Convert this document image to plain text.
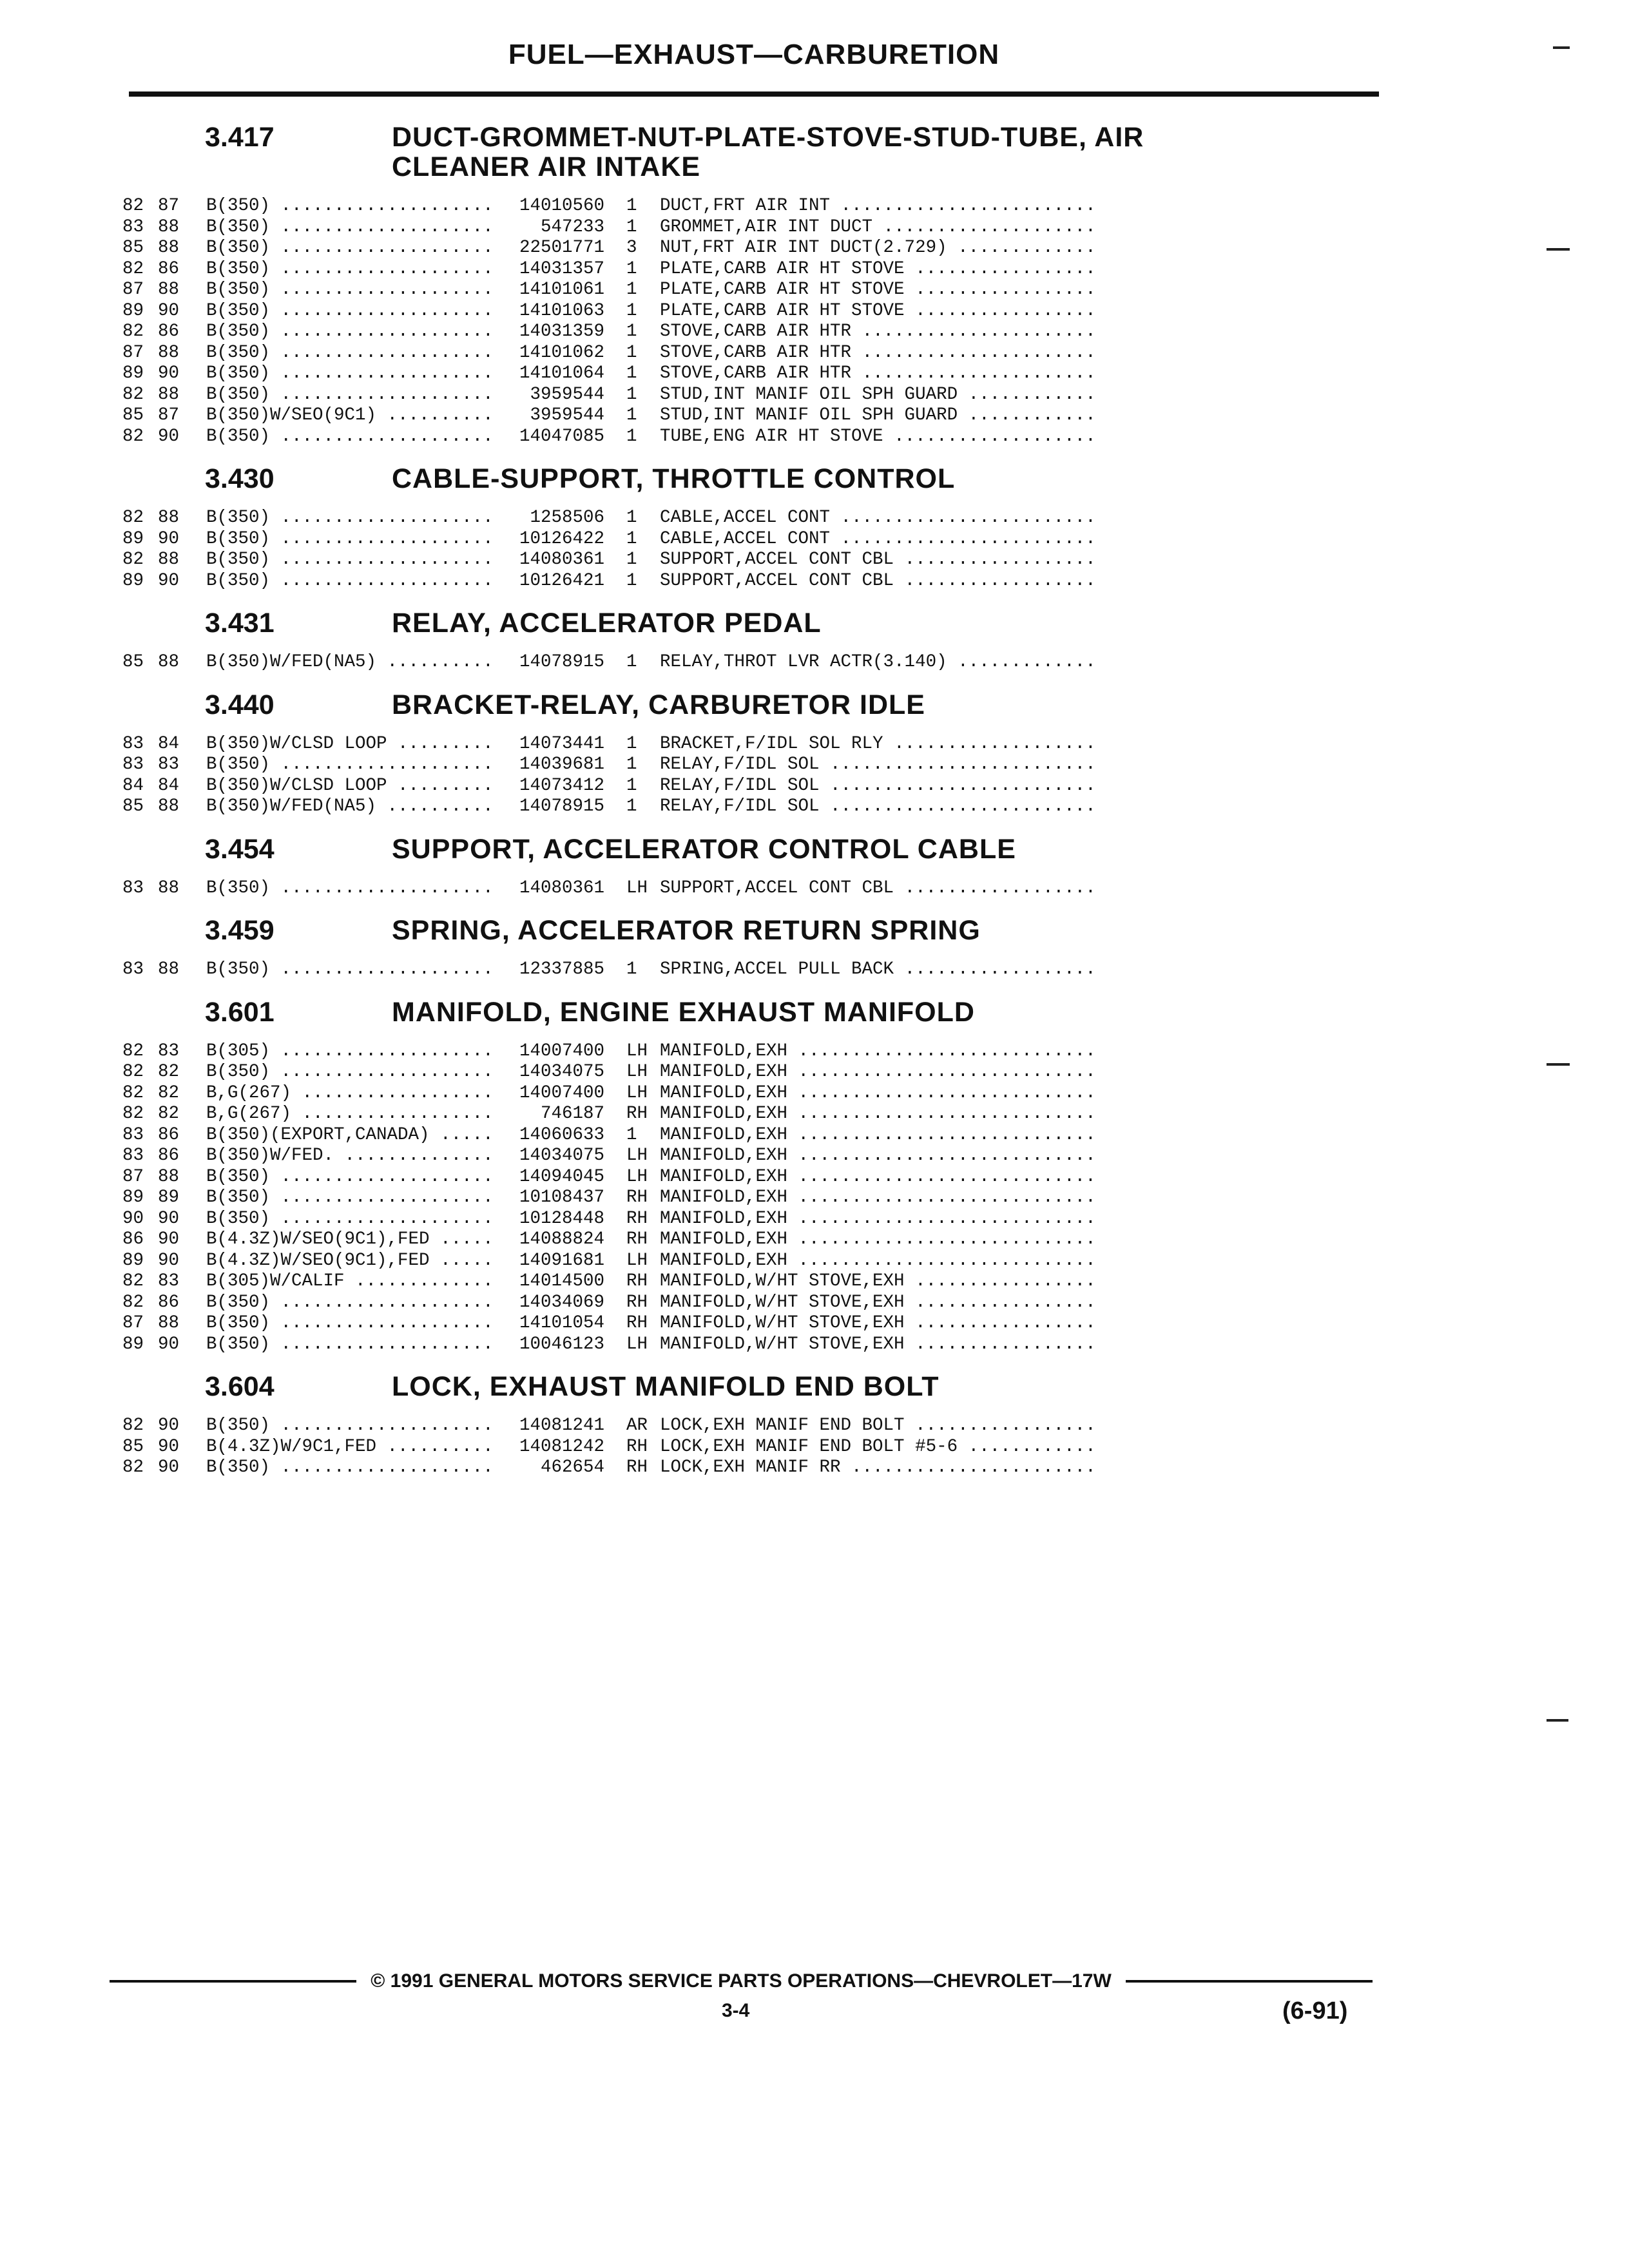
FUEL—EXHAUST—CARBURETION
3.417	DUCT-GROMMET-NUT-PLATE-STOVE-STUD-TUBE, AIR CLEANER AIR INTAKE
82 87	B(350) .....	14010560	1	DUCT,FRT AIR INT .....
83 88	B(350) .....	547233	1	GROMMET,AIR INT DUCT .....
85 88	B(350) .....	22501771	3	NUT,FRT AIR INT DUCT(2.729) .....
82 86	B(350) .....	14031357	1	PLATE,CARB AIR HT STOVE .....
87 88	B(350) .....	14101061	1	PLATE,CARB AIR HT STOVE .....
89 90	B(350) .....	14101063	1	PLATE,CARB AIR HT STOVE .....
82 86	B(350) .....	14031359	1	STOVE,CARB AIR HTR .....
87 88	B(350) .....	14101062	1	STOVE,CARB AIR HTR .....
89 90	B(350) .....	14101064	1	STOVE,CARB AIR HTR .....
82 88	B(350) .....	3959544	1	STUD,INT MANIF OIL SPH GUARD .....
85 87	B(350)W/SEO(9C1) .....	3959544	1	STUD,INT MANIF OIL SPH GUARD .....
82 90	B(350) .....	14047085	1	TUBE,ENG AIR HT STOVE .....
3.430	CABLE-SUPPORT, THROTTLE CONTROL
82 88	B(350) .....	1258506	1	CABLE,ACCEL CONT .....
89 90	B(350) .....	10126422	1	CABLE,ACCEL CONT .....
82 88	B(350) .....	14080361	1	SUPPORT,ACCEL CONT CBL .....
89 90	B(350) .....	10126421	1	SUPPORT,ACCEL CONT CBL .....
3.431	RELAY, ACCELERATOR PEDAL
85 88	B(350)W/FED(NA5) .....	14078915	1	RELAY,THROT LVR ACTR(3.140) .....
3.440	BRACKET-RELAY, CARBURETOR IDLE
83 84	B(350)W/CLSD LOOP .....	14073441	1	BRACKET,F/IDL SOL RLY .....
83 83	B(350) .....	14039681	1	RELAY,F/IDL SOL .....
84 84	B(350)W/CLSD LOOP .....	14073412	1	RELAY,F/IDL SOL .....
85 88	B(350)W/FED(NA5) .....	14078915	1	RELAY,F/IDL SOL .....
3.454	SUPPORT, ACCELERATOR CONTROL CABLE
83 88	B(350) .....	14080361	LH SUPPORT,ACCEL CONT CBL .....
3.459	SPRING, ACCELERATOR RETURN SPRING
83 88	B(350) .....	12337885	1	SPRING,ACCEL PULL BACK .....
3.601	MANIFOLD, ENGINE EXHAUST MANIFOLD
82 83	B(305) .....	14007400	LH MANIFOLD,EXH .....
82 82	B(350) .....	14034075	LH MANIFOLD,EXH .....
82 82	B,G(267) .....	14007400	LH MANIFOLD,EXH .....
82 82	B,G(267) .....	746187	RH MANIFOLD,EXH .....
83 86	B(350)(EXPORT,CANADA) .....	14060633	1	MANIFOLD,EXH .....
83 86	B(350)W/FED. .....	14034075	LH MANIFOLD,EXH .....
87 88	B(350) .....	14094045	LH MANIFOLD,EXH .....
89 89	B(350) .....	10108437	RH MANIFOLD,EXH .....
90 90	B(350) .....	10128448	RH MANIFOLD,EXH .....
86 90	B(4.3Z)W/SEO(9C1),FED .....	14088824	RH MANIFOLD,EXH .....
89 90	B(4.3Z)W/SEO(9C1),FED .....	14091681	LH MANIFOLD,EXH .....
82 83	B(305)W/CALIF .....	14014500	RH MANIFOLD,W/HT STOVE,EXH .....
82 86	B(350) .....	14034069	RH MANIFOLD,W/HT STOVE,EXH .....
87 88	B(350) .....	14101054	RH MANIFOLD,W/HT STOVE,EXH .....
89 90	B(350) .....	10046123	LH MANIFOLD,W/HT STOVE,EXH .....
3.604	LOCK, EXHAUST MANIFOLD END BOLT
82 90	B(350) .....	14081241	AR LOCK,EXH MANIF END BOLT .....
85 90	B(4.3Z)W/9C1,FED .....	14081242	RH LOCK,EXH MANIF END BOLT #5-6 .....
82 90	B(350) .....	462654	RH LOCK,EXH MANIF RR .....
© 1991 GENERAL MOTORS SERVICE PARTS OPERATIONS—CHEVROLET—17W
3-4	(6-91)
